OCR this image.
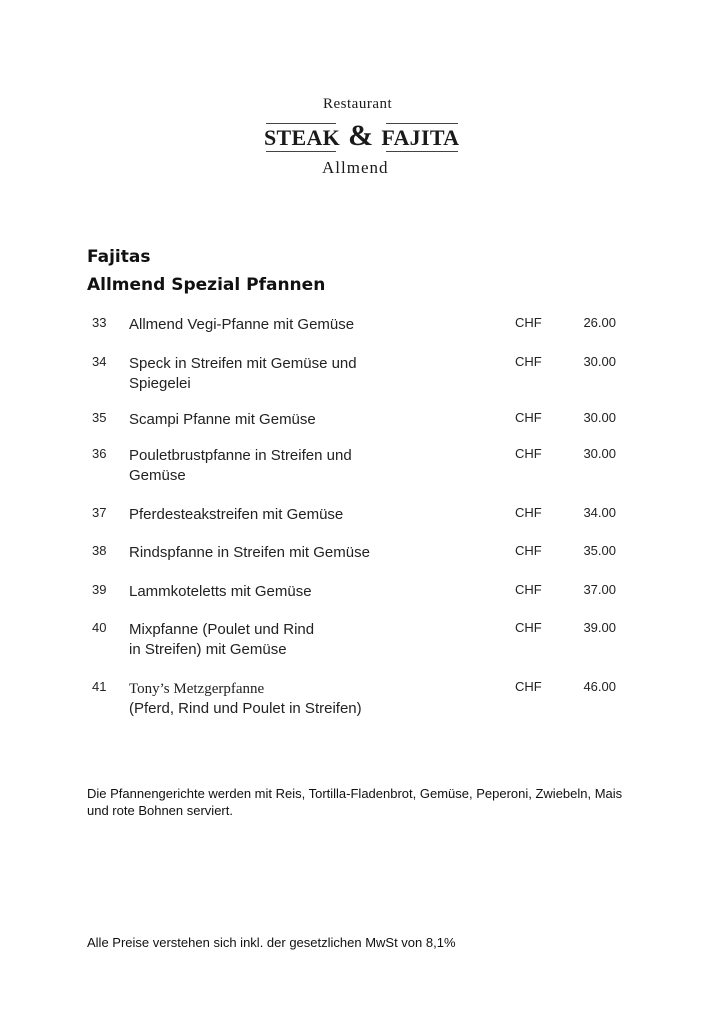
Restaurant
STEAK & FAJITA
Allmend
Fajitas
Allmend Spezial Pfannen
33 Allmend Vegi-Pfanne mit Gemüse	CHF	26.00
34 Speck in Streifen mit Gemüse und
Spiegelei
CHF	30.00
35 Scampi Pfanne mit Gemüse	CHF	30.00
36 Pouletbrustpfanne in Streifen und
Gemüse
CHF	30.00
37 Pferdesteakstreifen mit Gemüse	CHF	34.00
38 Rindspfanne in Streifen mit Gemüse	CHF	35.00
39 Lammkoteletts mit Gemüse	CHF	37.00
40 Mixpfanne (Poulet und Rind
in Streifen) mit Gemüse
CHF	39.00
41 Tony’s Metzgerpfanne
(Pferd, Rind und Poulet in Streifen)
CHF	46.00
Die Pfannengerichte werden mit Reis, Tortilla-Fladenbrot, Gemüse, Peperoni, Zwiebeln, Mais und rote Bohnen serviert.
Alle Preise verstehen sich inkl. der gesetzlichen MwSt von 8,1%
